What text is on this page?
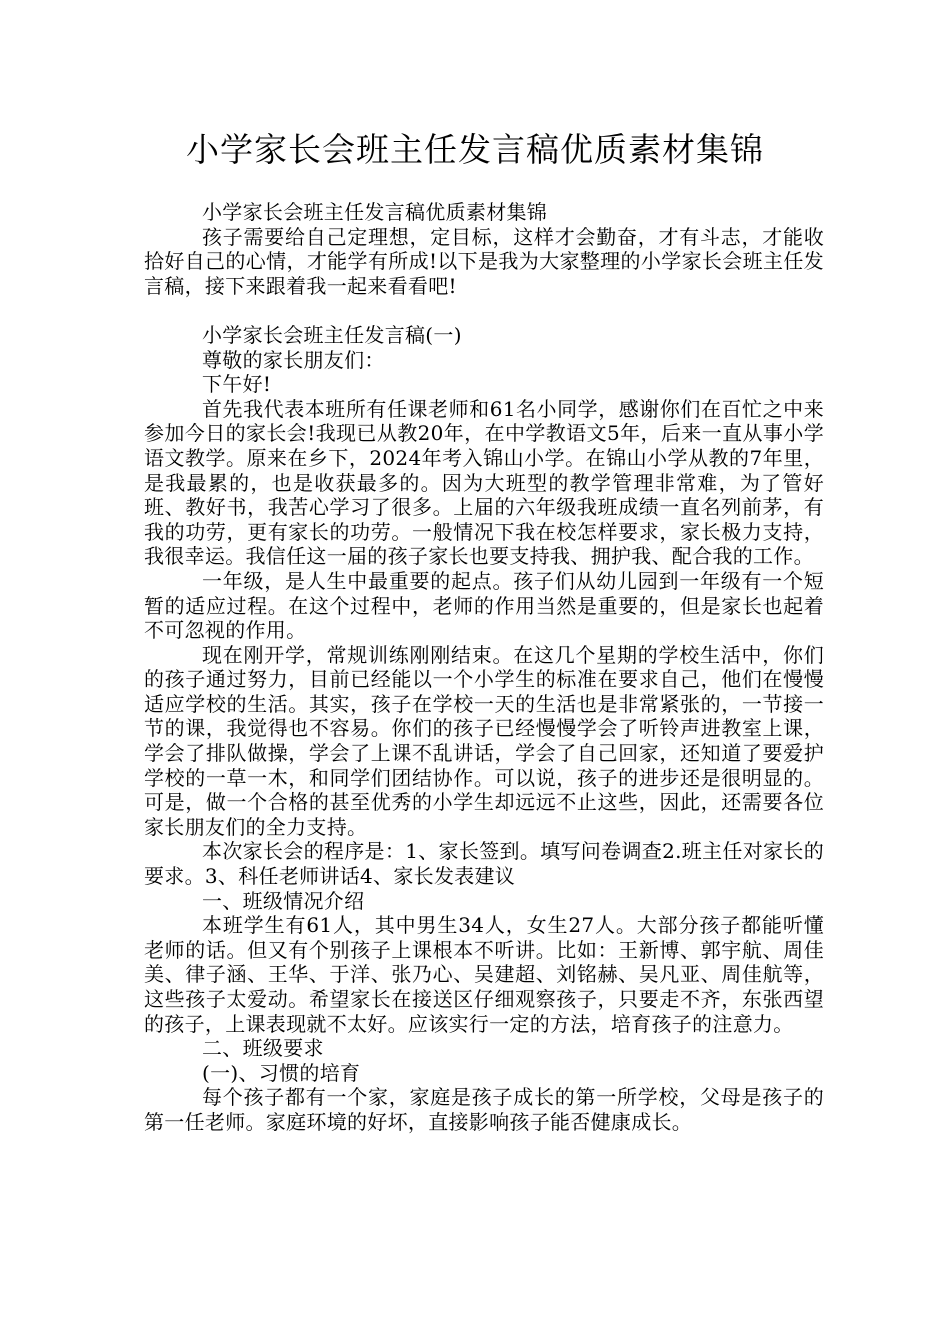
小学家长会班主任发言稿优质素材集锦

小学家长会班主任发言稿优质素材集锦

孩子需要给自己定理想，定目标，这样才会勤奋，才有斗志，才能收拾好自己的心情，才能学有所成!以下是我为大家整理的小学家长会班主任发言稿，接下来跟着我一起来看看吧!

小学家长会班主任发言稿(一)

尊敬的家长朋友们：

下午好!

首先我代表本班所有任课老师和61名小同学，感谢你们在百忙之中来参加今日的家长会!我现已从教20年，在中学教语文5年，后来一直从事小学语文教学。原来在乡下，2024年考入锦山小学。在锦山小学从教的7年里，是我最累的，也是收获最多的。因为大班型的教学管理非常难，为了管好班、教好书，我苦心学习了很多。上届的六年级我班成绩一直名列前茅，有我的功劳，更有家长的功劳。一般情况下我在校怎样要求，家长极力支持，我很幸运。我信任这一届的孩子家长也要支持我、拥护我、配合我的工作。

一年级，是人生中最重要的起点。孩子们从幼儿园到一年级有一个短暂的适应过程。在这个过程中，老师的作用当然是重要的，但是家长也起着不可忽视的作用。

现在刚开学，常规训练刚刚结束。在这几个星期的学校生活中，你们的孩子通过努力，目前已经能以一个小学生的标准在要求自己，他们在慢慢适应学校的生活。其实，孩子在学校一天的生活也是非常紧张的，一节接一节的课，我觉得也不容易。你们的孩子已经慢慢学会了听铃声进教室上课，学会了排队做操，学会了上课不乱讲话，学会了自己回家，还知道了要爱护学校的一草一木，和同学们团结协作。可以说，孩子的进步还是很明显的。可是，做一个合格的甚至优秀的小学生却远远不止这些，因此，还需要各位家长朋友们的全力支持。

本次家长会的程序是：1、家长签到。填写问卷调查2.班主任对家长的要求。3、科任老师讲话4、家长发表建议

一、班级情况介绍

本班学生有61人，其中男生34人，女生27人。大部分孩子都能听懂老师的话。但又有个别孩子上课根本不听讲。比如：王新博、郭宇航、周佳美、律子涵、王华、于洋、张乃心、吴建超、刘铭赫、吴凡亚、周佳航等，这些孩子太爱动。希望家长在接送区仔细观察孩子，只要走不齐，东张西望的孩子，上课表现就不太好。应该实行一定的方法，培育孩子的注意力。

二、班级要求

(一)、习惯的培育

每个孩子都有一个家，家庭是孩子成长的第一所学校，父母是孩子的第一任老师。家庭环境的好坏，直接影响孩子能否健康成长。
